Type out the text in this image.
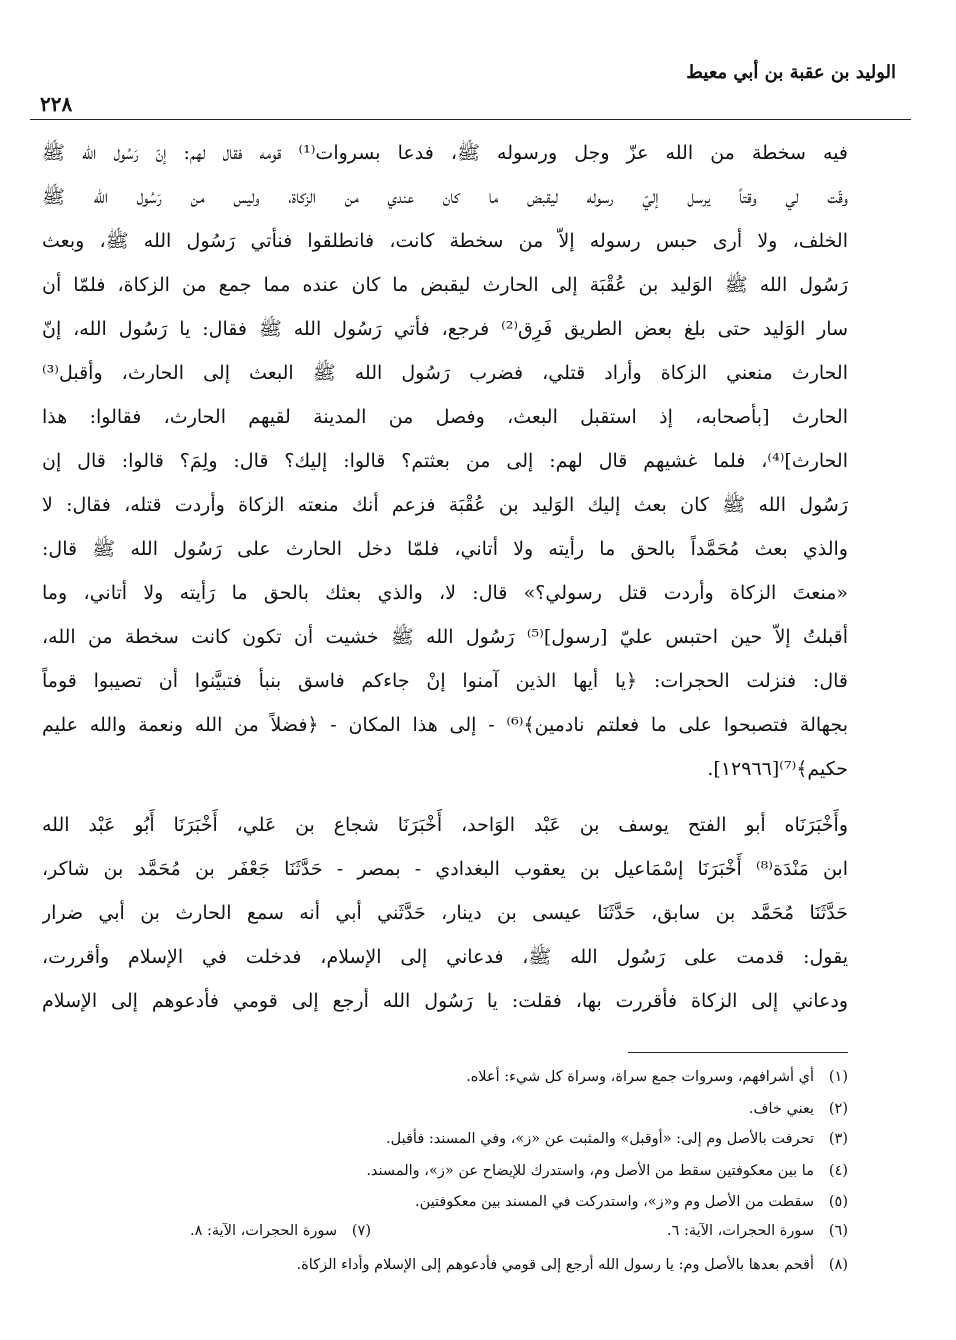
الوليد بن عقبة بن أبي معيط
٢٢٨
فيه سخطة من الله عزّ وجل ورسوله ﷺ، فدعا بسروات⁽¹⁾ قومه فقال لهم: إنّ رَسُول الله ﷺ
وقّت لي وقتاً يرسل إليّ رسوله ليقبض ما كان عندي من الزكاة، وليس من رَسُول الله ﷺ
الخلف، ولا أرى حبس رسوله إلاّ من سخطة كانت، فانطلقوا فنأتي رَسُول الله ﷺ، وبعث
رَسُول الله ﷺ الوَليد بن عُقْبَة إلى الحارث ليقبض ما كان عنده مما جمع من الزكاة، فلمّا أن
سار الوَليد حتى بلغ بعض الطريق فَرِق⁽²⁾ فرجع، فأتي رَسُول الله ﷺ فقال: يا رَسُول الله، إنّ
الحارث منعني الزكاة وأراد قتلي، فضرب رَسُول الله ﷺ البعث إلى الحارث، وأقبل⁽³⁾
الحارث [بأصحابه، إذ استقبل البعث، وفصل من المدينة لقيهم الحارث، فقالوا: هذا
الحارث]⁽⁴⁾، فلما غشيهم قال لهم: إلى من بعثتم؟ قالوا: إليك؟ قال: ولِمَ؟ قالوا: قال إن
رَسُول الله ﷺ كان بعث إليك الوَليد بن عُقْبَة فزعم أنك منعته الزكاة وأردت قتله، فقال: لا
والذي بعث مُحَمَّداً بالحق ما رأيته ولا أتاني، فلمّا دخل الحارث على رَسُول الله ﷺ قال:
«منعتَ الزكاة وأردت قتل رسولي؟» قال: لا، والذي بعثك بالحق ما رَأيته ولا أتاني، وما
أقبلتُ إلاّ حين احتبس عليّ [رسول]⁽⁵⁾ رَسُول الله ﷺ خشيت أن تكون كانت سخطة من الله،
قال: فنزلت الحجرات: ﴿يا أيها الذين آمنوا إنْ جاءكم فاسق بنبأ فتبيَّنوا أن تصيبوا قوماً
بجهالة فتصبحوا على ما فعلتم نادمين﴾⁽⁶⁾ - إلى هذا المكان - ﴿فضلاً من الله ونعمة والله عليم
حكيم﴾⁽⁷⁾[١٢٩٦٦].
وأَخْبَرَنَاه أبو الفتح يوسف بن عَبْد الوَاحد، أَخْبَرَنَا شجاع بن عَلي، أَخْبَرَنَا أَبُو عَبْد الله
ابن مَنْدَة⁽⁸⁾ أَخْبَرَنَا إسْمَاعيل بن يعقوب البغدادي - بمصر - حَدَّثَنَا جَعْفَر بن مُحَمَّد بن شاكر،
حَدَّثَنَا مُحَمَّد بن سابق، حَدَّثَنَا عيسى بن دينار، حَدَّثَني أبي أنه سمع الحارث بن أبي ضرار
يقول: قدمت على رَسُول الله ﷺ، فدعاني إلى الإسلام، فدخلت في الإسلام وأقررت،
ودعاني إلى الزكاة فأقررت بها، فقلت: يا رَسُول الله أرجع إلى قومي فأدعوهم إلى الإسلام
(١)أي أشرافهم، وسروات جمع سراة، وسراة كل شيء: أعلاه.
(٢)يعني خاف.
(٣)تحرفت بالأصل وم إلى: «أوقبل» والمثبت عن «ز»، وفي المسند: فأقبل.
(٤)ما بين معكوفتين سقط من الأصل وم، واستدرك للإيضاح عن «ز»، والمسند.
(٥)سقطت من الأصل وم و«ز»، واستدركت في المسند بين معكوفتين.
(٦)سورة الحجرات، الآية: ٦.
(٧)سورة الحجرات، الآية: ٨.
(٨)أقحم بعدها بالأصل وم: يا رسول الله أرجع إلى قومي فأدعوهم إلى الإسلام وأداء الزكاة.
